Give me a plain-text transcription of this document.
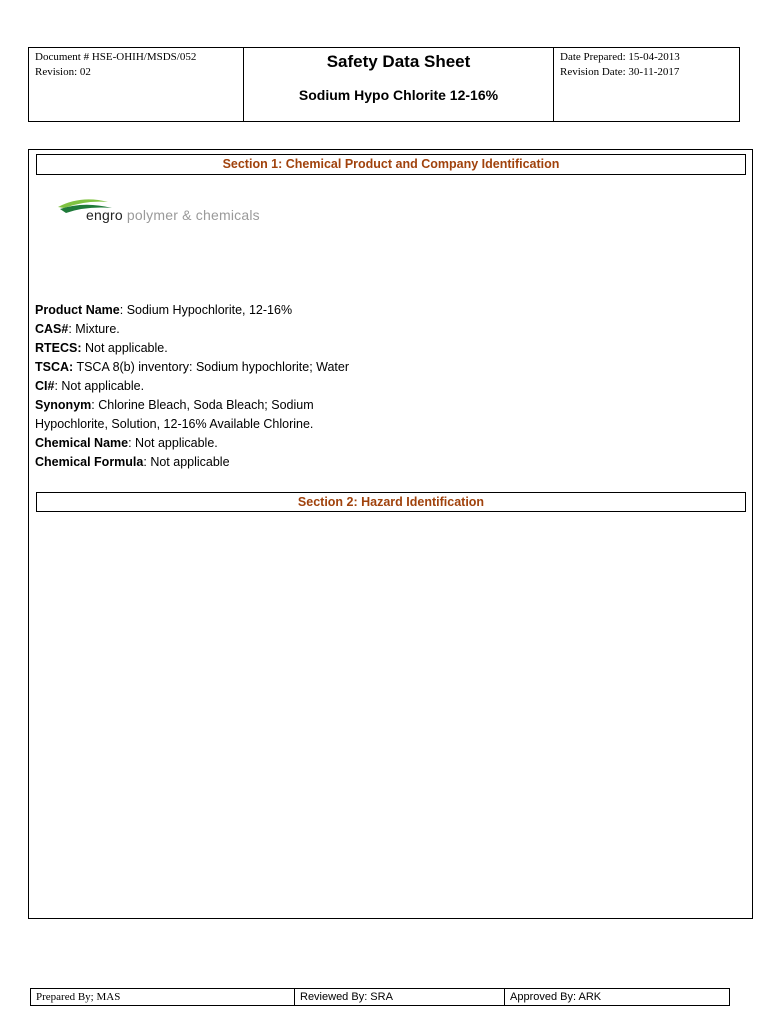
Document # HSE-OHIH/MSDS/052
Revision: 02
Safety Data Sheet
Sodium Hypo Chlorite 12-16%
Date Prepared: 15-04-2013
Revision Date: 30-11-2017
Section 1: Chemical Product and Company Identification
engro polymer & chemicals
Product Name: Sodium Hypochlorite, 12-16%
CAS#: Mixture.
RTECS: Not applicable.
TSCA: TSCA 8(b) inventory: Sodium hypochlorite; Water
CI#: Not applicable.
Synonym: Chlorine Bleach, Soda Bleach; Sodium
Hypochlorite, Solution, 12-16% Available Chlorine.
Chemical Name: Not applicable.
Chemical Formula: Not applicable
Section 2: Hazard Identification
Prepared By; MAS	Reviewed By: SRA	Approved By: ARK
